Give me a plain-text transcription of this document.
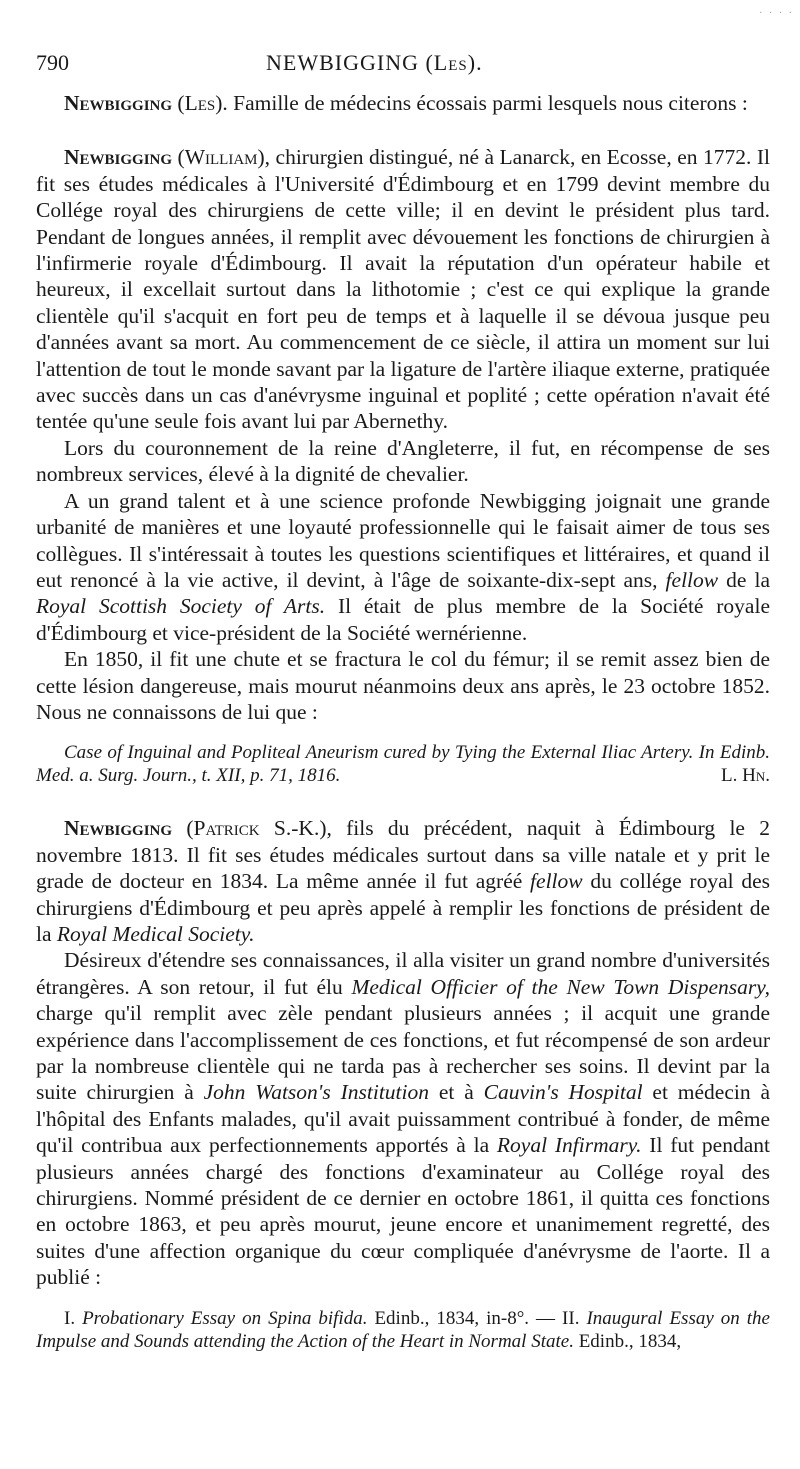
· · · ·
790	NEWBIGGING (Les).

Newbigging (Les). Famille de médecins écossais parmi lesquels nous citerons :

Newbigging (William), chirurgien distingué, né à Lanarck, en Ecosse, en 1772. Il fit ses études médicales à l'Université d'Édimbourg et en 1799 devint membre du Collége royal des chirurgiens de cette ville; il en devint le président plus tard. Pendant de longues années, il remplit avec dévouement les fonctions de chirurgien à l'infirmerie royale d'Édimbourg. Il avait la réputation d'un opérateur habile et heureux, il excellait surtout dans la lithotomie ; c'est ce qui explique la grande clientèle qu'il s'acquit en fort peu de temps et à laquelle il se dévoua jusque peu d'années avant sa mort. Au commencement de ce siècle, il attira un moment sur lui l'attention de tout le monde savant par la ligature de l'artère iliaque externe, pratiquée avec succès dans un cas d'anévrysme inguinal et poplité ; cette opération n'avait été tentée qu'une seule fois avant lui par Abernethy.

Lors du couronnement de la reine d'Angleterre, il fut, en récompense de ses nombreux services, élevé à la dignité de chevalier.

A un grand talent et à une science profonde Newbigging joignait une grande urbanité de manières et une loyauté professionnelle qui le faisait aimer de tous ses collègues. Il s'intéressait à toutes les questions scientifiques et littéraires, et quand il eut renoncé à la vie active, il devint, à l'âge de soixante-dix-sept ans, fellow de la Royal Scottish Society of Arts. Il était de plus membre de la Société royale d'Édimbourg et vice-président de la Société wernérienne.

En 1850, il fit une chute et se fractura le col du fémur; il se remit assez bien de cette lésion dangereuse, mais mourut néanmoins deux ans après, le 23 octobre 1852. Nous ne connaissons de lui que :

Case of Inguinal and Popliteal Aneurism cured by Tying the External Iliac Artery. In Edinb. Med. a. Surg. Journ., t. XII, p. 71, 1816.	L. Hn.

Newbigging (Patrick S.-K.), fils du précédent, naquit à Édimbourg le 2 novembre 1813. Il fit ses études médicales surtout dans sa ville natale et y prit le grade de docteur en 1834. La même année il fut agréé fellow du collége royal des chirurgiens d'Édimbourg et peu après appelé à remplir les fonctions de président de la Royal Medical Society.

Désireux d'étendre ses connaissances, il alla visiter un grand nombre d'universités étrangères. A son retour, il fut élu Medical Officier of the New Town Dispensary, charge qu'il remplit avec zèle pendant plusieurs années ; il acquit une grande expérience dans l'accomplissement de ces fonctions, et fut récompensé de son ardeur par la nombreuse clientèle qui ne tarda pas à rechercher ses soins. Il devint par la suite chirurgien à John Watson's Institution et à Cauvin's Hospital et médecin à l'hôpital des Enfants malades, qu'il avait puissamment contribué à fonder, de même qu'il contribua aux perfectionnements apportés à la Royal Infirmary. Il fut pendant plusieurs années chargé des fonctions d'examinateur au Collége royal des chirurgiens. Nommé président de ce dernier en octobre 1861, il quitta ces fonctions en octobre 1863, et peu après mourut, jeune encore et unanimement regretté, des suites d'une affection organique du cœur compliquée d'anévrysme de l'aorte. Il a publié :

I. Probationary Essay on Spina bifida. Edinb., 1834, in-8°. — II. Inaugural Essay on the Impulse and Sounds attending the Action of the Heart in Normal State. Edinb., 1834,
